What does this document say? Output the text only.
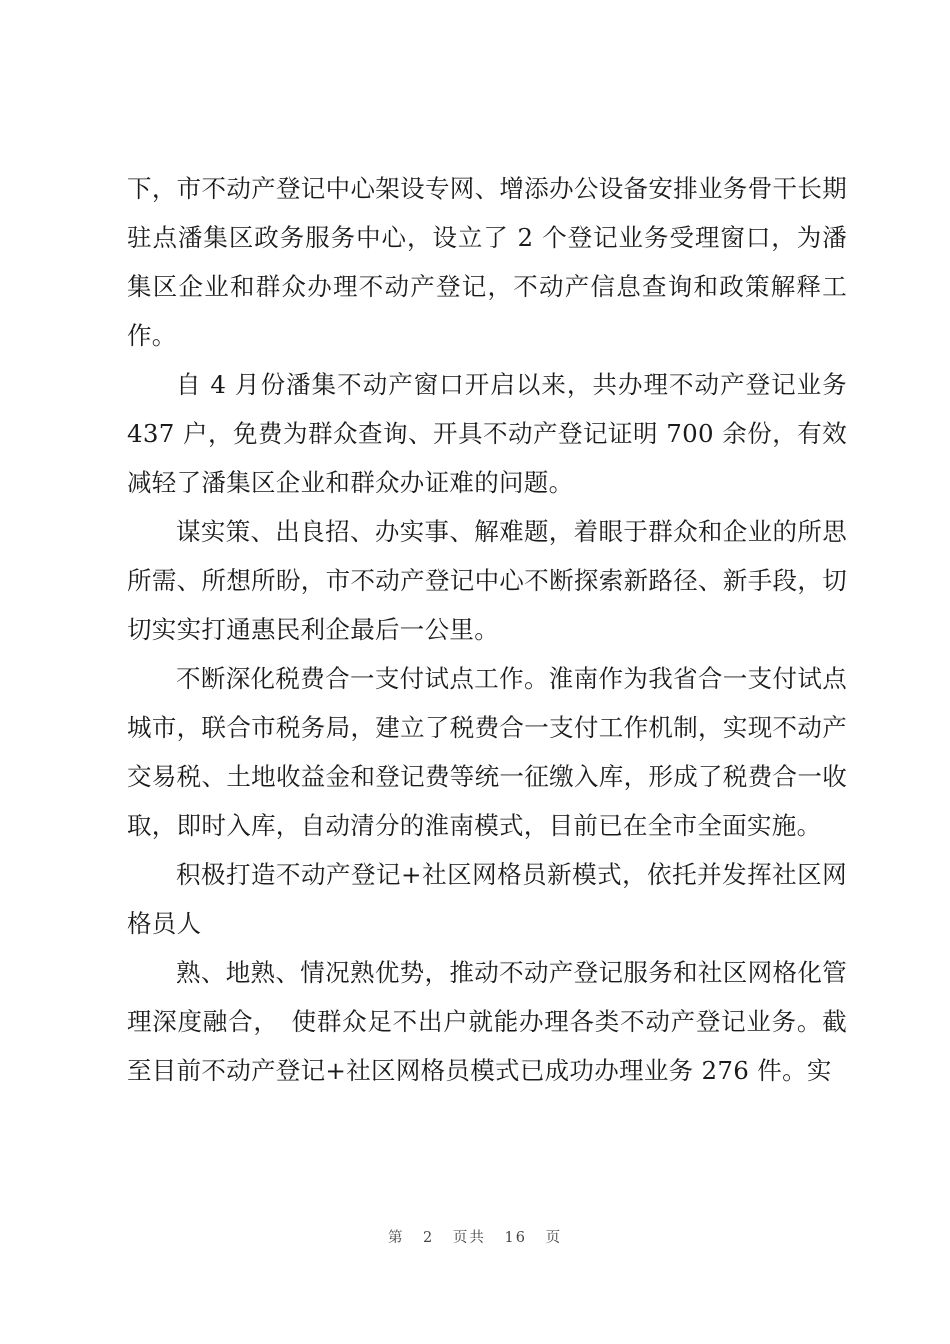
下，市不动产登记中心架设专网、增添办公设备安排业务骨干长期驻点潘集区政务服务中心，设立了 2 个登记业务受理窗口，为潘集区企业和群众办理不动产登记，不动产信息查询和政策解释工作。

自 4 月份潘集不动产窗口开启以来，共办理不动产登记业务 437 户，免费为群众查询、开具不动产登记证明 700 余份，有效减轻了潘集区企业和群众办证难的问题。

谋实策、出良招、办实事、解难题，着眼于群众和企业的所思所需、所想所盼，市不动产登记中心不断探索新路径、新手段，切切实实打通惠民利企最后一公里。

不断深化税费合一支付试点工作。淮南作为我省合一支付试点城市，联合市税务局，建立了税费合一支付工作机制，实现不动产交易税、土地收益金和登记费等统一征缴入库，形成了税费合一收取，即时入库，自动清分的淮南模式，目前已在全市全面实施。

积极打造不动产登记+社区网格员新模式，依托并发挥社区网格员人

熟、地熟、情况熟优势，推动不动产登记服务和社区网格化管理深度融合，　使群众足不出户就能办理各类不动产登记业务。截至目前不动产登记+社区网格员模式已成功办理业务 276 件。实

第 2 页共 16 页
